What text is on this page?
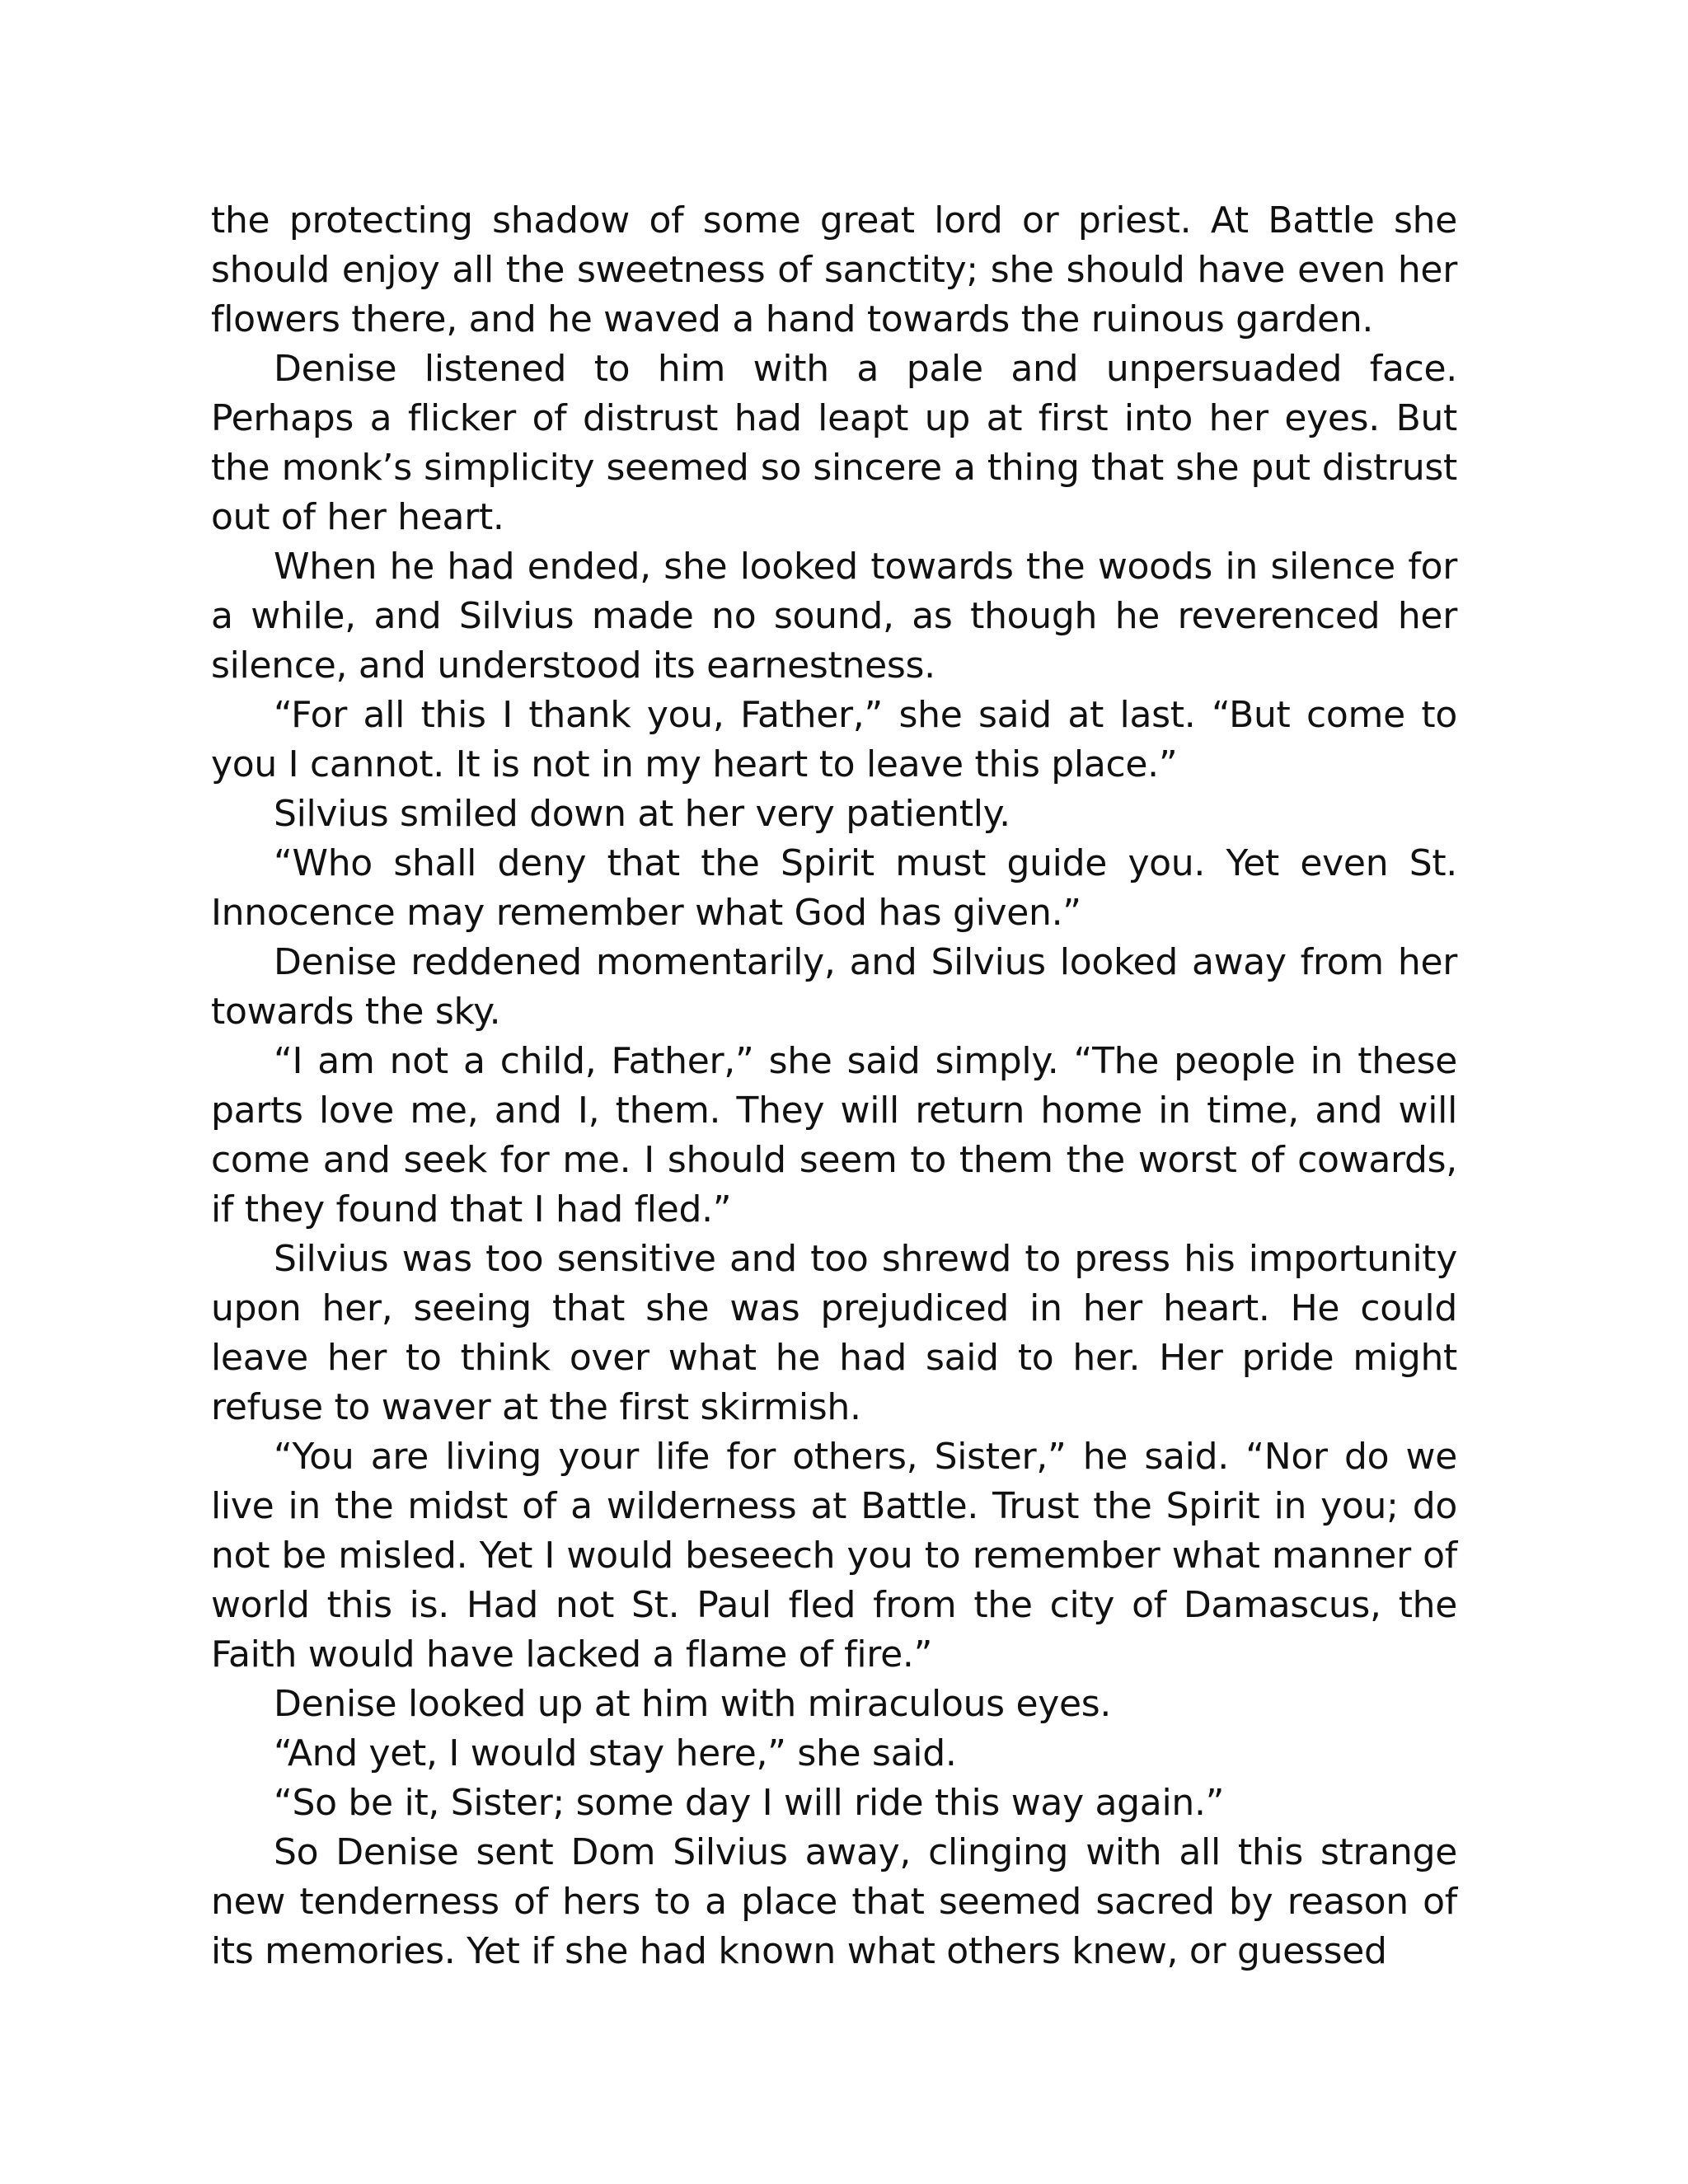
the protecting shadow of some great lord or priest. At Battle she should enjoy all the sweetness of sanctity; she should have even her flowers there, and he waved a hand towards the ruinous garden.

Denise listened to him with a pale and unpersuaded face. Perhaps a flicker of distrust had leapt up at first into her eyes. But the monk’s simplicity seemed so sincere a thing that she put distrust out of her heart.

When he had ended, she looked towards the woods in silence for a while, and Silvius made no sound, as though he reverenced her silence, and understood its earnestness.

“For all this I thank you, Father,” she said at last. “But come to you I cannot. It is not in my heart to leave this place.”

Silvius smiled down at her very patiently.

“Who shall deny that the Spirit must guide you. Yet even St. Innocence may remember what God has given.”

Denise reddened momentarily, and Silvius looked away from her towards the sky.

“I am not a child, Father,” she said simply. “The people in these parts love me, and I, them. They will return home in time, and will come and seek for me. I should seem to them the worst of cowards, if they found that I had fled.”

Silvius was too sensitive and too shrewd to press his importunity upon her, seeing that she was prejudiced in her heart. He could leave her to think over what he had said to her. Her pride might refuse to waver at the first skirmish.

“You are living your life for others, Sister,” he said. “Nor do we live in the midst of a wilderness at Battle. Trust the Spirit in you; do not be misled. Yet I would beseech you to remember what manner of world this is. Had not St. Paul fled from the city of Damascus, the Faith would have lacked a flame of fire.”

Denise looked up at him with miraculous eyes.

“And yet, I would stay here,” she said.

“So be it, Sister; some day I will ride this way again.”

So Denise sent Dom Silvius away, clinging with all this strange new tenderness of hers to a place that seemed sacred by reason of its memories. Yet if she had known what others knew, or guessed
